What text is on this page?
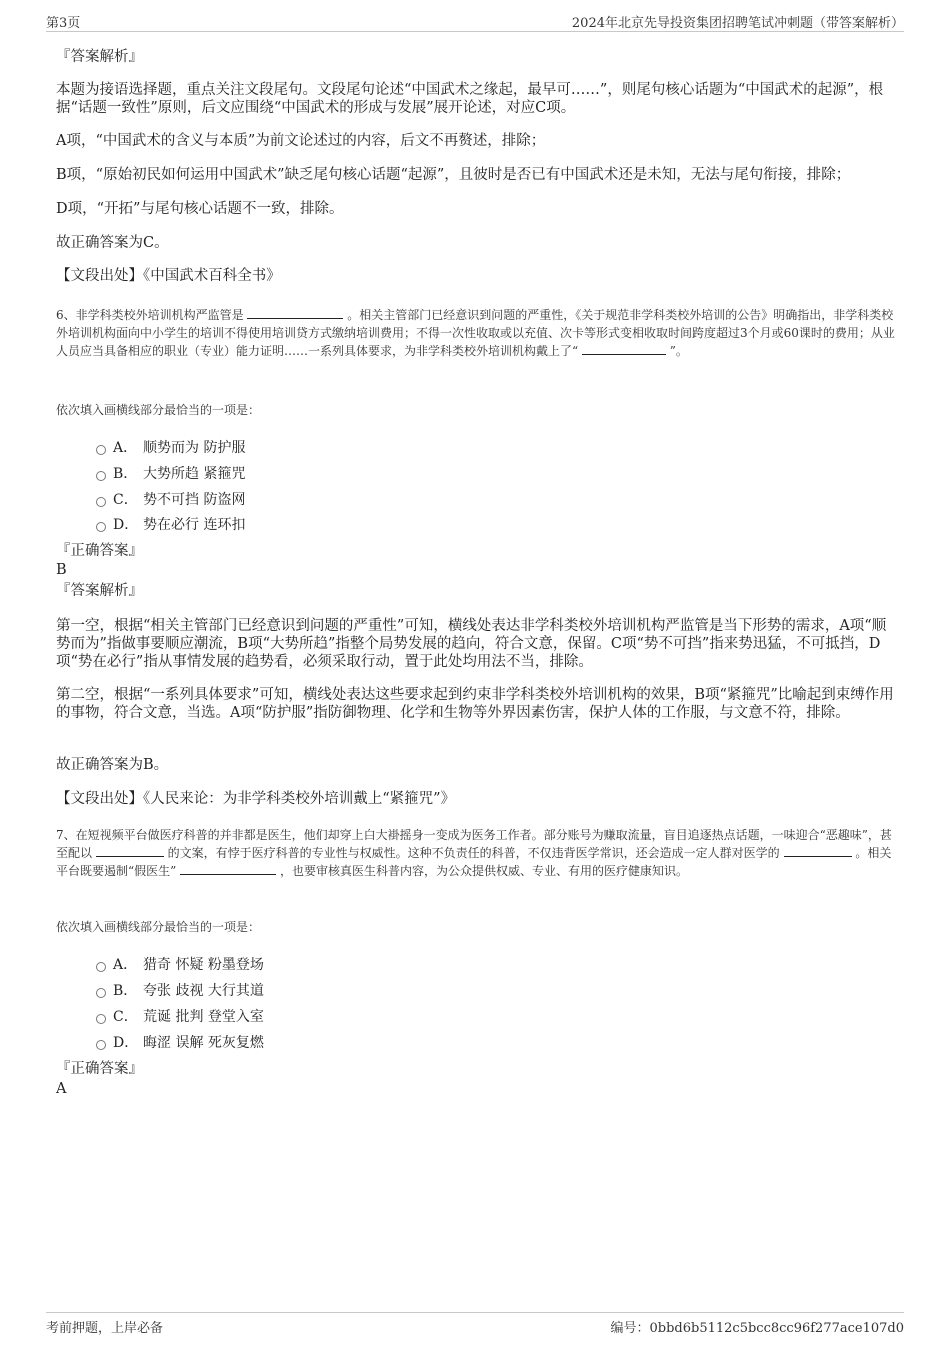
第3页	2024年北京先导投资集团招聘笔试冲刺题（带答案解析）
『答案解析』
本题为接语选择题，重点关注文段尾句。文段尾句论述“中国武术之缘起，最早可……”，则尾句核心话题为“中国武术的起源”，根据“话题一致性”原则，后文应围绕“中国武术的形成与发展”展开论述，对应C项。
A项，“中国武术的含义与本质”为前文论述过的内容，后文不再赘述，排除；
B项，“原始初民如何运用中国武术”缺乏尾句核心话题“起源”，且彼时是否已有中国武术还是未知，无法与尾句衔接，排除；
D项，“开拓”与尾句核心话题不一致，排除。
故正确答案为C。
【文段出处】《中国武术百科全书》
6、非学科类校外培训机构严监管是	。相关主管部门已经意识到问题的严重性，《关于规范非学科类校外培训的公告》明确指出，非学科类校外培训机构面向中小学生的培训不得使用培训贷方式缴纳培训费用；不得一次性收取或以充值、次卡等形式变相收取时间跨度超过3个月或60课时的费用；从业人员应当具备相应的职业（专业）能力证明……一系列具体要求，为非学科类校外培训机构戴上了“	”。
依次填入画横线部分最恰当的一项是：
A． 顺势而为 防护服
B． 大势所趋 紧箍咒
C． 势不可挡 防盗网
D． 势在必行 连环扣
『正确答案』
B
『答案解析』
第一空，根据“相关主管部门已经意识到问题的严重性”可知，横线处表达非学科类校外培训机构严监管是当下形势的需求，A项“顺势而为”指做事要顺应潮流，B项“大势所趋”指整个局势发展的趋向，符合文意，保留。C项“势不可挡”指来势迅猛，不可抵挡，D项“势在必行”指从事情发展的趋势看，必须采取行动，置于此处均用法不当，排除。
第二空，根据“一系列具体要求”可知，横线处表达这些要求起到约束非学科类校外培训机构的效果，B项“紧箍咒”比喻起到束缚作用的事物，符合文意，当选。A项“防护服”指防御物理、化学和生物等外界因素伤害，保护人体的工作服，与文意不符，排除。
故正确答案为B。
【文段出处】《人民来论：为非学科类校外培训戴上“紧箍咒”》
7、在短视频平台做医疗科普的并非都是医生，他们却穿上白大褂摇身一变成为医务工作者。部分账号为赚取流量，盲目追逐热点话题，一味迎合“恶趣味”，甚至配以	的文案，有悖于医疗科普的专业性与权威性。这种不负责任的科普，不仅违背医学常识，还会造成一定人群对医学的	。相关平台既要遏制“假医生”	，也要审核真医生科普内容，为公众提供权威、专业、有用的医疗健康知识。
依次填入画横线部分最恰当的一项是：
A． 猎奇 怀疑 粉墨登场
B． 夸张 歧视 大行其道
C． 荒诞 批判 登堂入室
D． 晦涩 误解 死灰复燃
『正确答案』
A
考前押题，上岸必备	编号：0bbd6b5112c5bcc8cc96f277ace107d0
